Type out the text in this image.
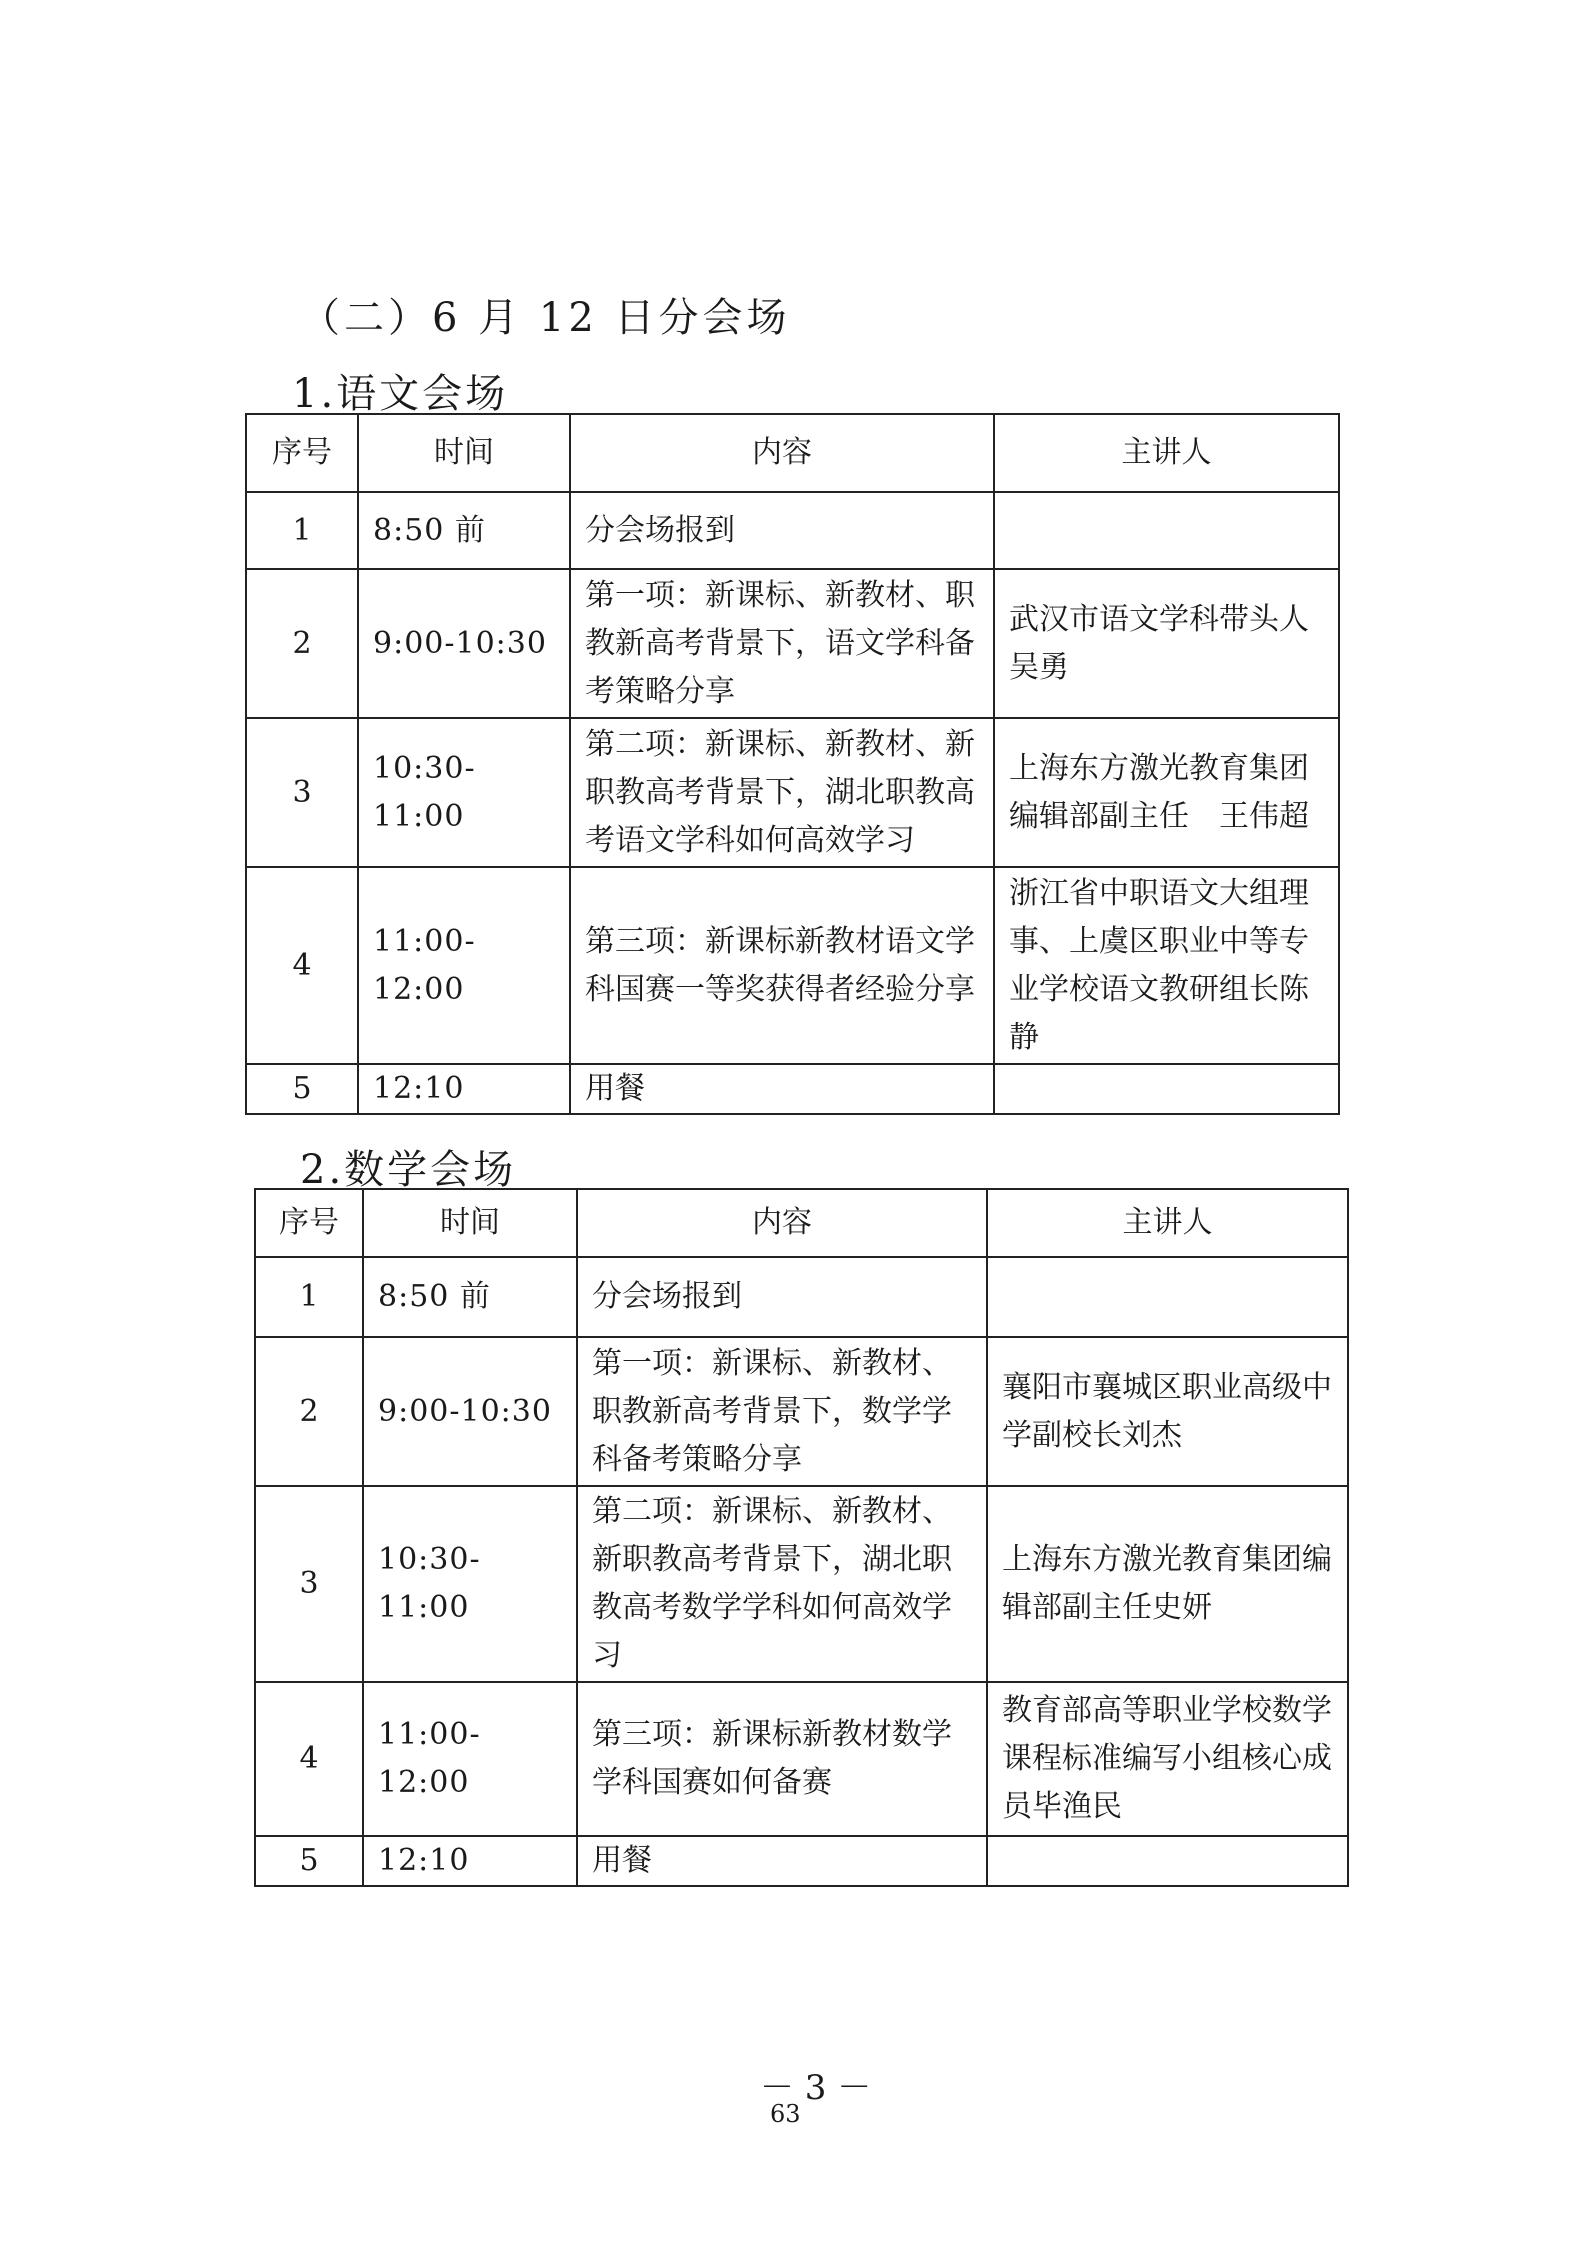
（二）6 月 12 日分会场
1.语文会场
序号	时间	内容	主讲人
1	8:50 前	分会场报到	
2	9:00-10:30	第一项：新课标、新教材、职教新高考背景下，语文学科备考策略分享	武汉市语文学科带头人吴勇
3	10:30-11:00	第二项：新课标、新教材、新职教高考背景下，湖北职教高考语文学科如何高效学习	上海东方激光教育集团编辑部副主任　王伟超
4	11:00-12:00	第三项：新课标新教材语文学科国赛一等奖获得者经验分享	浙江省中职语文大组理事、上虞区职业中等专业学校语文教研组长陈静
5	12:10	用餐	
2.数学会场
序号	时间	内容	主讲人
1	8:50 前	分会场报到	
2	9:00-10:30	第一项：新课标、新教材、职教新高考背景下，数学学科备考策略分享	襄阳市襄城区职业高级中学副校长刘杰
3	10:30-11:00	第二项：新课标、新教材、新职教高考背景下，湖北职教高考数学学科如何高效学习	上海东方激光教育集团编辑部副主任史妍
4	11:00-12:00	第三项：新课标新教材数学学科国赛如何备赛	教育部高等职业学校数学课程标准编写小组核心成员毕渔民
5	12:10	用餐	
－ 3 －
63
